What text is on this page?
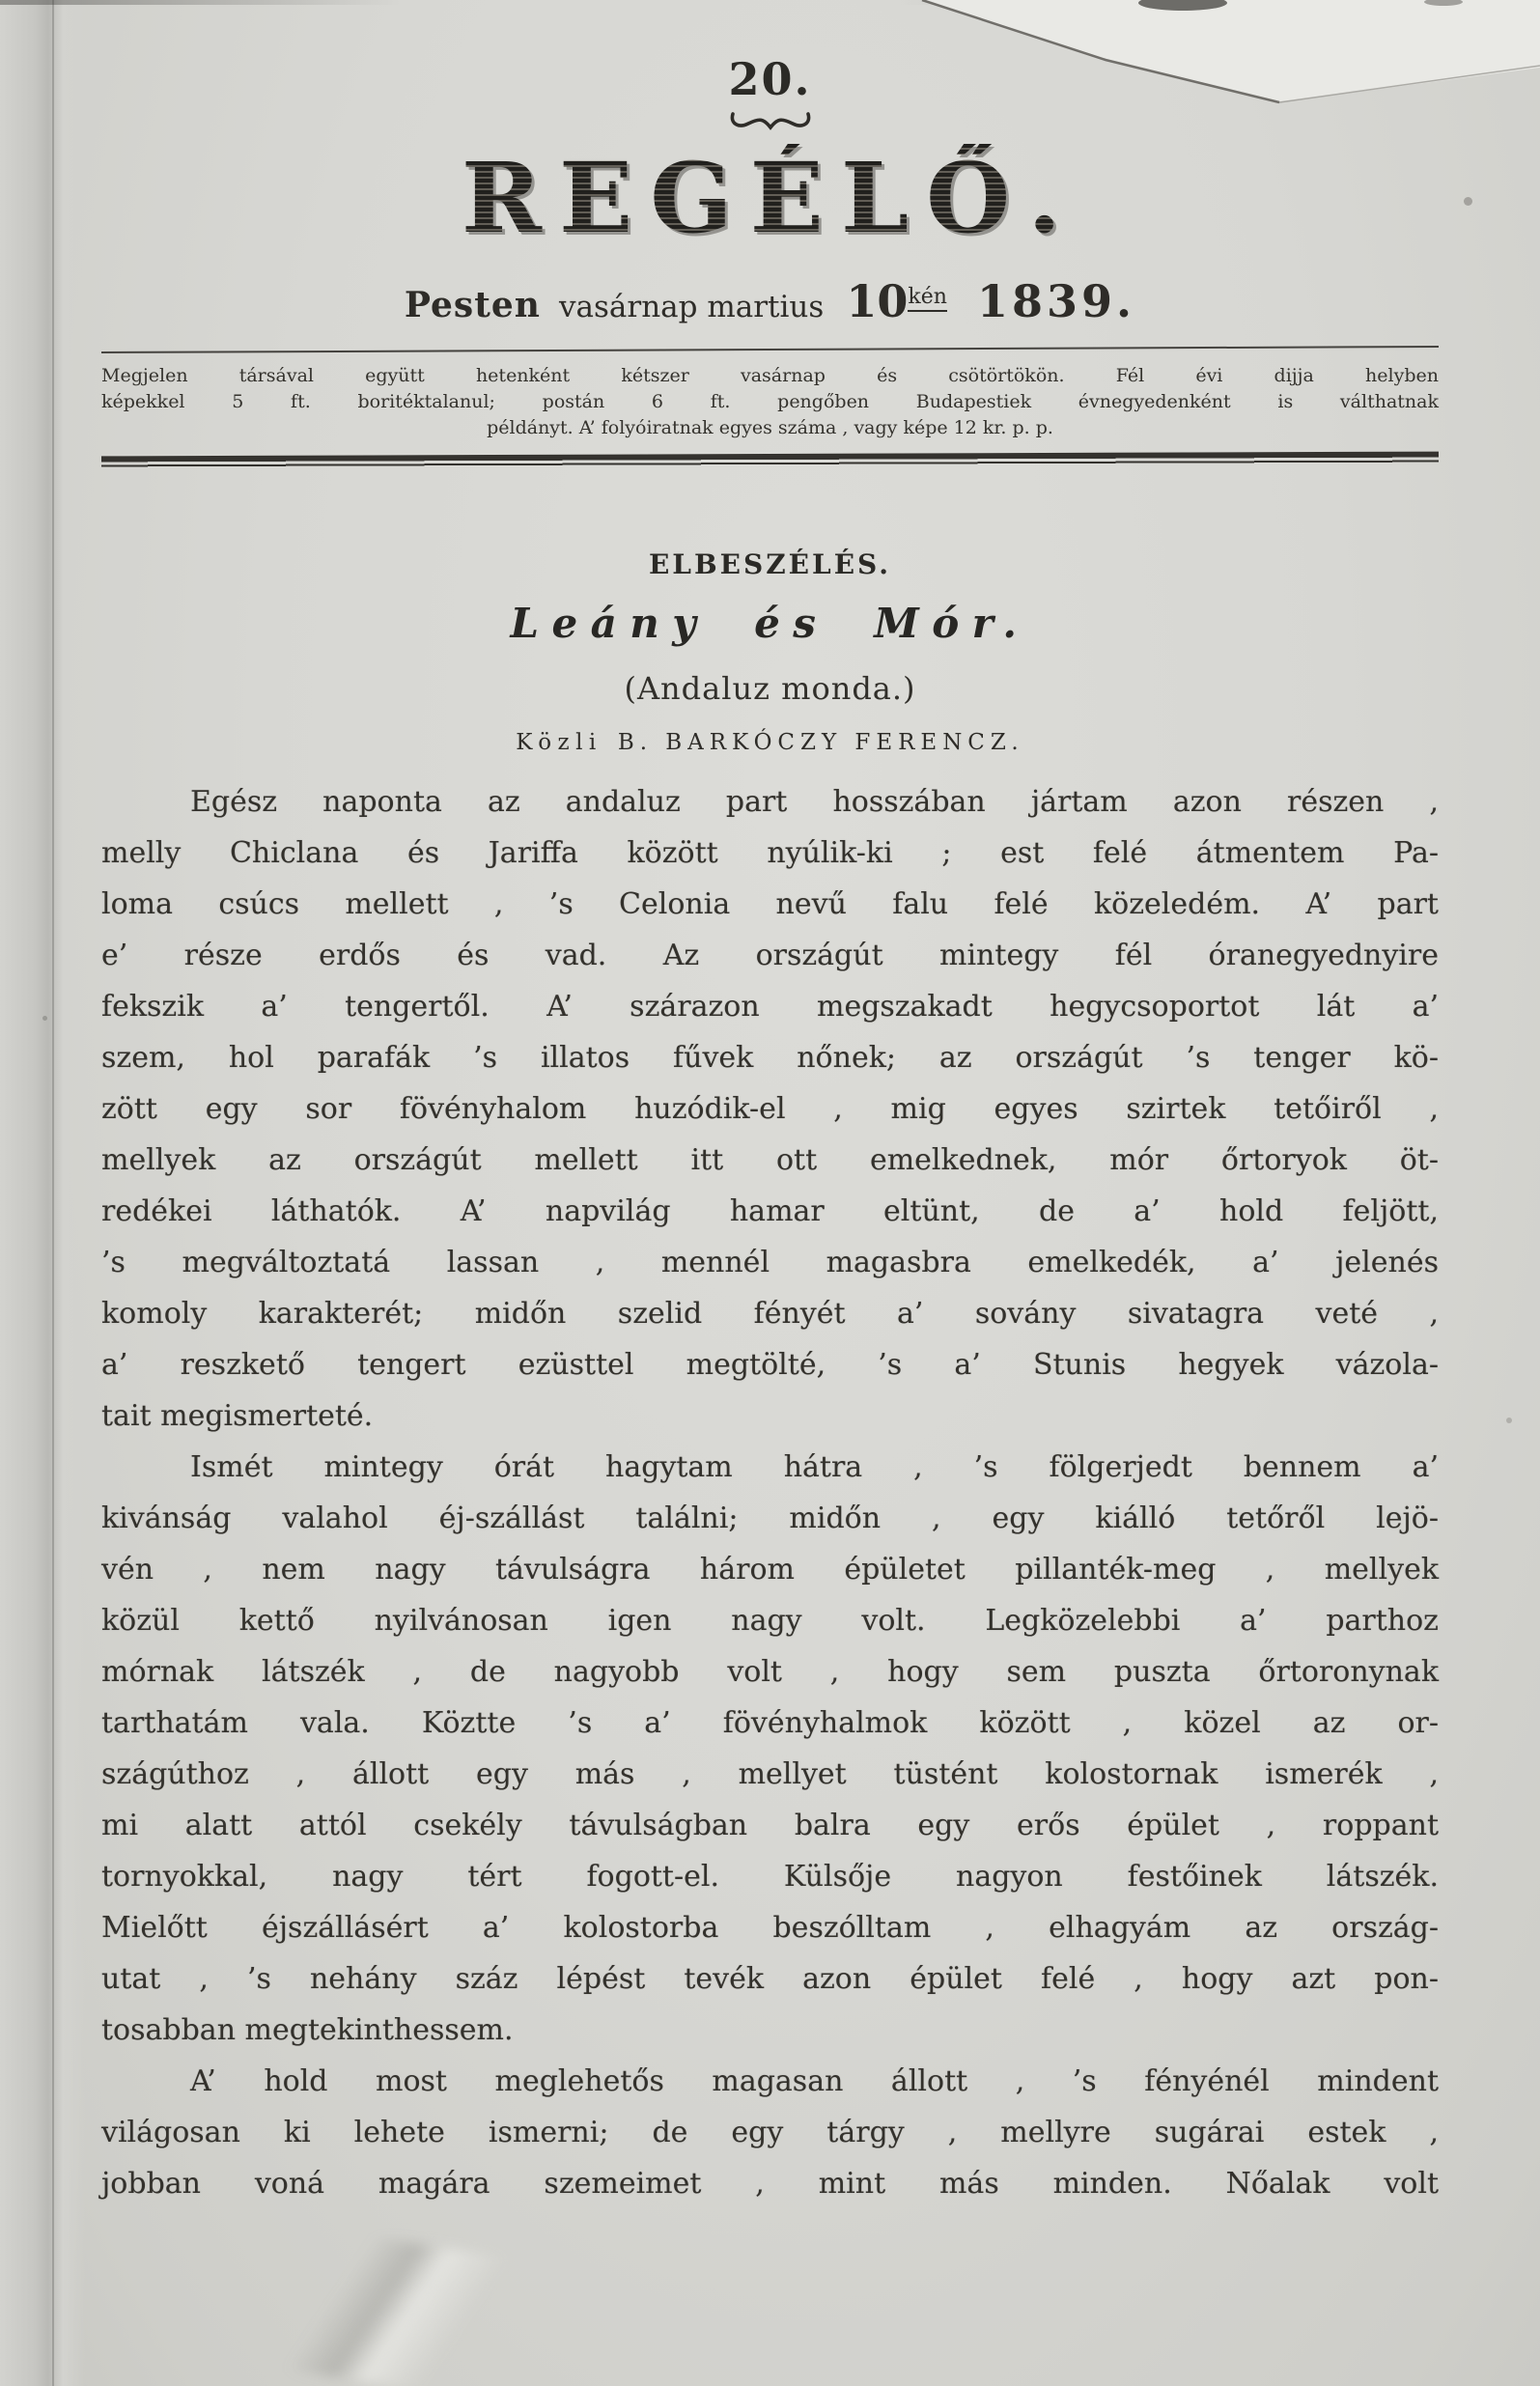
20.
REGÉLŐ.
Pesten vasárnap martius 10kén 1839.
Megjelen társával együtt hetenként kétszer vasárnap és csötörtökön. Fél évi dijja helyben
képekkel 5 ft. boritéktalanul; postán 6 ft. pengőben Budapestiek évnegyedenként is válthatnak
példányt. A’ folyóiratnak egyes száma , vagy képe 12 kr. p. p.
ELBESZÉLÉS.
Leány és Mór.
(Andaluz monda.)
Közli B. BARKÓCZY FERENCZ.
Egész naponta az andaluz part hosszában jártam azon részen ,
melly Chiclana és Jariffa között nyúlik-ki ; est felé átmentem Pa-
loma csúcs mellett , ’s Celonia nevű falu felé közeledém. A’ part
e’ része erdős és vad. Az országút mintegy fél óranegyednyire
fekszik a’ tengertől. A’ szárazon megszakadt hegycsoportot lát a’
szem, hol parafák ’s illatos fűvek nőnek; az országút ’s tenger kö-
zött egy sor fövényhalom huzódik-el , mig egyes szirtek tetőiről ,
mellyek az országút mellett itt ott emelkednek, mór őrtoryok öt-
redékei láthatók. A’ napvilág hamar eltünt, de a’ hold feljött,
’s megváltoztatá lassan , mennél magasbra emelkedék, a’ jelenés
komoly karakterét; midőn szelid fényét a’ sovány sivatagra veté ,
a’ reszkető tengert ezüsttel megtölté, ’s a’ Stunis hegyek vázola-
tait megismerteté.
Ismét mintegy órát hagytam hátra , ’s fölgerjedt bennem a’
kivánság valahol éj-szállást találni; midőn , egy kiálló tetőről lejö-
vén , nem nagy távulságra három épületet pillanték-meg , mellyek
közül kettő nyilvánosan igen nagy volt. Legközelebbi a’ parthoz
mórnak látszék , de nagyobb volt , hogy sem puszta őrtoronynak
tarthatám vala. Köztte ’s a’ fövényhalmok között , közel az or-
szágúthoz , állott egy más , mellyet tüstént kolostornak ismerék ,
mi alatt attól csekély távulságban balra egy erős épület , roppant
tornyokkal, nagy tért fogott-el. Külsője nagyon festőinek látszék.
Mielőtt éjszállásért a’ kolostorba beszólltam , elhagyám az ország-
utat , ’s nehány száz lépést tevék azon épület felé , hogy azt pon-
tosabban megtekinthessem.
A’ hold most meglehetős magasan állott , ’s fényénél mindent
világosan ki lehete ismerni; de egy tárgy , mellyre sugárai estek ,
jobban voná magára szemeimet , mint más minden. Nőalak volt
